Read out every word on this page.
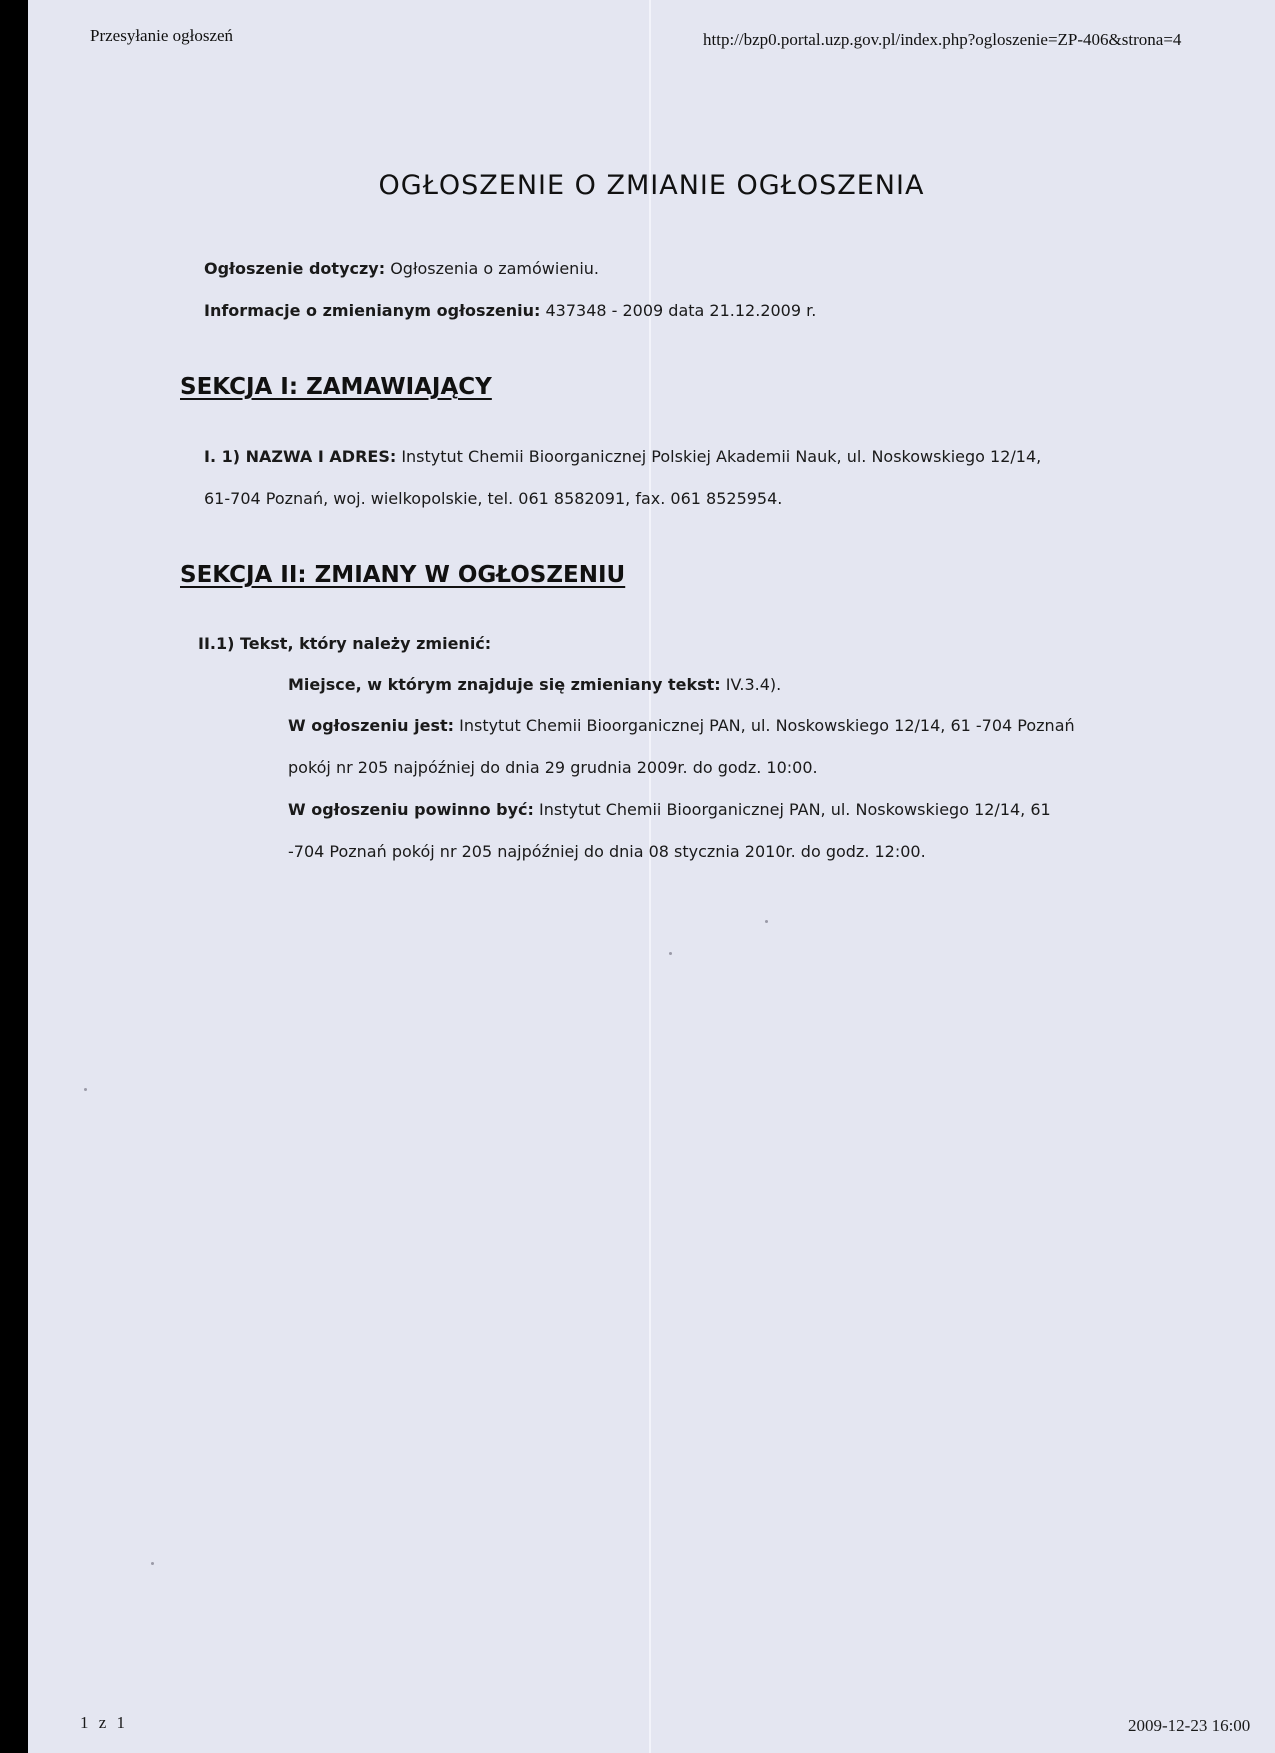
Przesyłanie ogłoszeń	http://bzp0.portal.uzp.gov.pl/index.php?ogloszenie=ZP-406&strona=4
OGŁOSZENIE O ZMIANIE OGŁOSZENIA
Ogłoszenie dotyczy: Ogłoszenia o zamówieniu.
Informacje o zmienianym ogłoszeniu: 437348 - 2009 data 21.12.2009 r.
SEKCJA I: ZAMAWIAJĄCY
I. 1) NAZWA I ADRES: Instytut Chemii Bioorganicznej Polskiej Akademii Nauk, ul. Noskowskiego 12/14,
61-704 Poznań, woj. wielkopolskie, tel. 061 8582091, fax. 061 8525954.
SEKCJA II: ZMIANY W OGŁOSZENIU
II.1) Tekst, który należy zmienić:
Miejsce, w którym znajduje się zmieniany tekst: IV.3.4).
W ogłoszeniu jest: Instytut Chemii Bioorganicznej PAN, ul. Noskowskiego 12/14, 61 -704 Poznań
pokój nr 205 najpóźniej do dnia 29 grudnia 2009r. do godz. 10:00.
W ogłoszeniu powinno być: Instytut Chemii Bioorganicznej PAN, ul. Noskowskiego 12/14, 61
-704 Poznań pokój nr 205 najpóźniej do dnia 08 stycznia 2010r. do godz. 12:00.
1 z 1	2009-12-23 16:00
